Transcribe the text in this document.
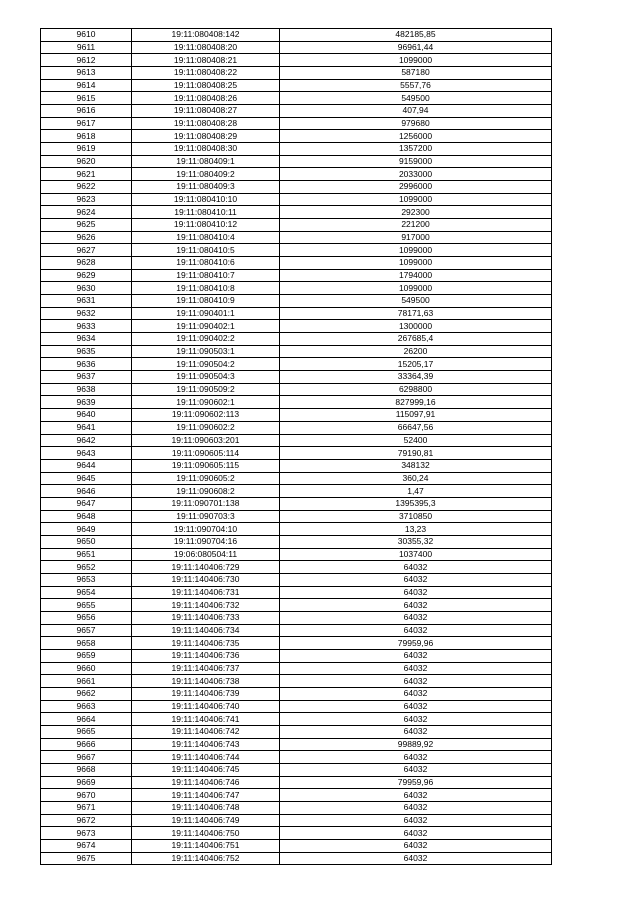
9610	19:11:080408:142	482185,85
9611	19:11:080408:20	96961,44
9612	19:11:080408:21	1099000
9613	19:11:080408:22	587180
9614	19:11:080408:25	5557,76
9615	19:11:080408:26	549500
9616	19:11:080408:27	407,94
9617	19:11:080408:28	979680
9618	19:11:080408:29	1256000
9619	19:11:080408:30	1357200
9620	19:11:080409:1	9159000
9621	19:11:080409:2	2033000
9622	19:11:080409:3	2996000
9623	19:11:080410:10	1099000
9624	19:11:080410:11	292300
9625	19:11:080410:12	221200
9626	19:11:080410:4	917000
9627	19:11:080410:5	1099000
9628	19:11:080410:6	1099000
9629	19:11:080410:7	1794000
9630	19:11:080410:8	1099000
9631	19:11:080410:9	549500
9632	19:11:090401:1	78171,63
9633	19:11:090402:1	1300000
9634	19:11:090402:2	267685,4
9635	19:11:090503:1	26200
9636	19:11:090504:2	15205,17
9637	19:11:090504:3	33364,39
9638	19:11:090509:2	6298800
9639	19:11:090602:1	827999,16
9640	19:11:090602:113	115097,91
9641	19:11:090602:2	66647,56
9642	19:11:090603:201	52400
9643	19:11:090605:114	79190,81
9644	19:11:090605:115	348132
9645	19:11:090605:2	360,24
9646	19:11:090608:2	1,47
9647	19:11:090701:138	1395395,3
9648	19:11:090703:3	3710850
9649	19:11:090704:10	13,23
9650	19:11:090704:16	30355,32
9651	19:06:080504:11	1037400
9652	19:11:140406:729	64032
9653	19:11:140406:730	64032
9654	19:11:140406:731	64032
9655	19:11:140406:732	64032
9656	19:11:140406:733	64032
9657	19:11:140406:734	64032
9658	19:11:140406:735	79959,96
9659	19:11:140406:736	64032
9660	19:11:140406:737	64032
9661	19:11:140406:738	64032
9662	19:11:140406:739	64032
9663	19:11:140406:740	64032
9664	19:11:140406:741	64032
9665	19:11:140406:742	64032
9666	19:11:140406:743	99889,92
9667	19:11:140406:744	64032
9668	19:11:140406:745	64032
9669	19:11:140406:746	79959,96
9670	19:11:140406:747	64032
9671	19:11:140406:748	64032
9672	19:11:140406:749	64032
9673	19:11:140406:750	64032
9674	19:11:140406:751	64032
9675	19:11:140406:752	64032
